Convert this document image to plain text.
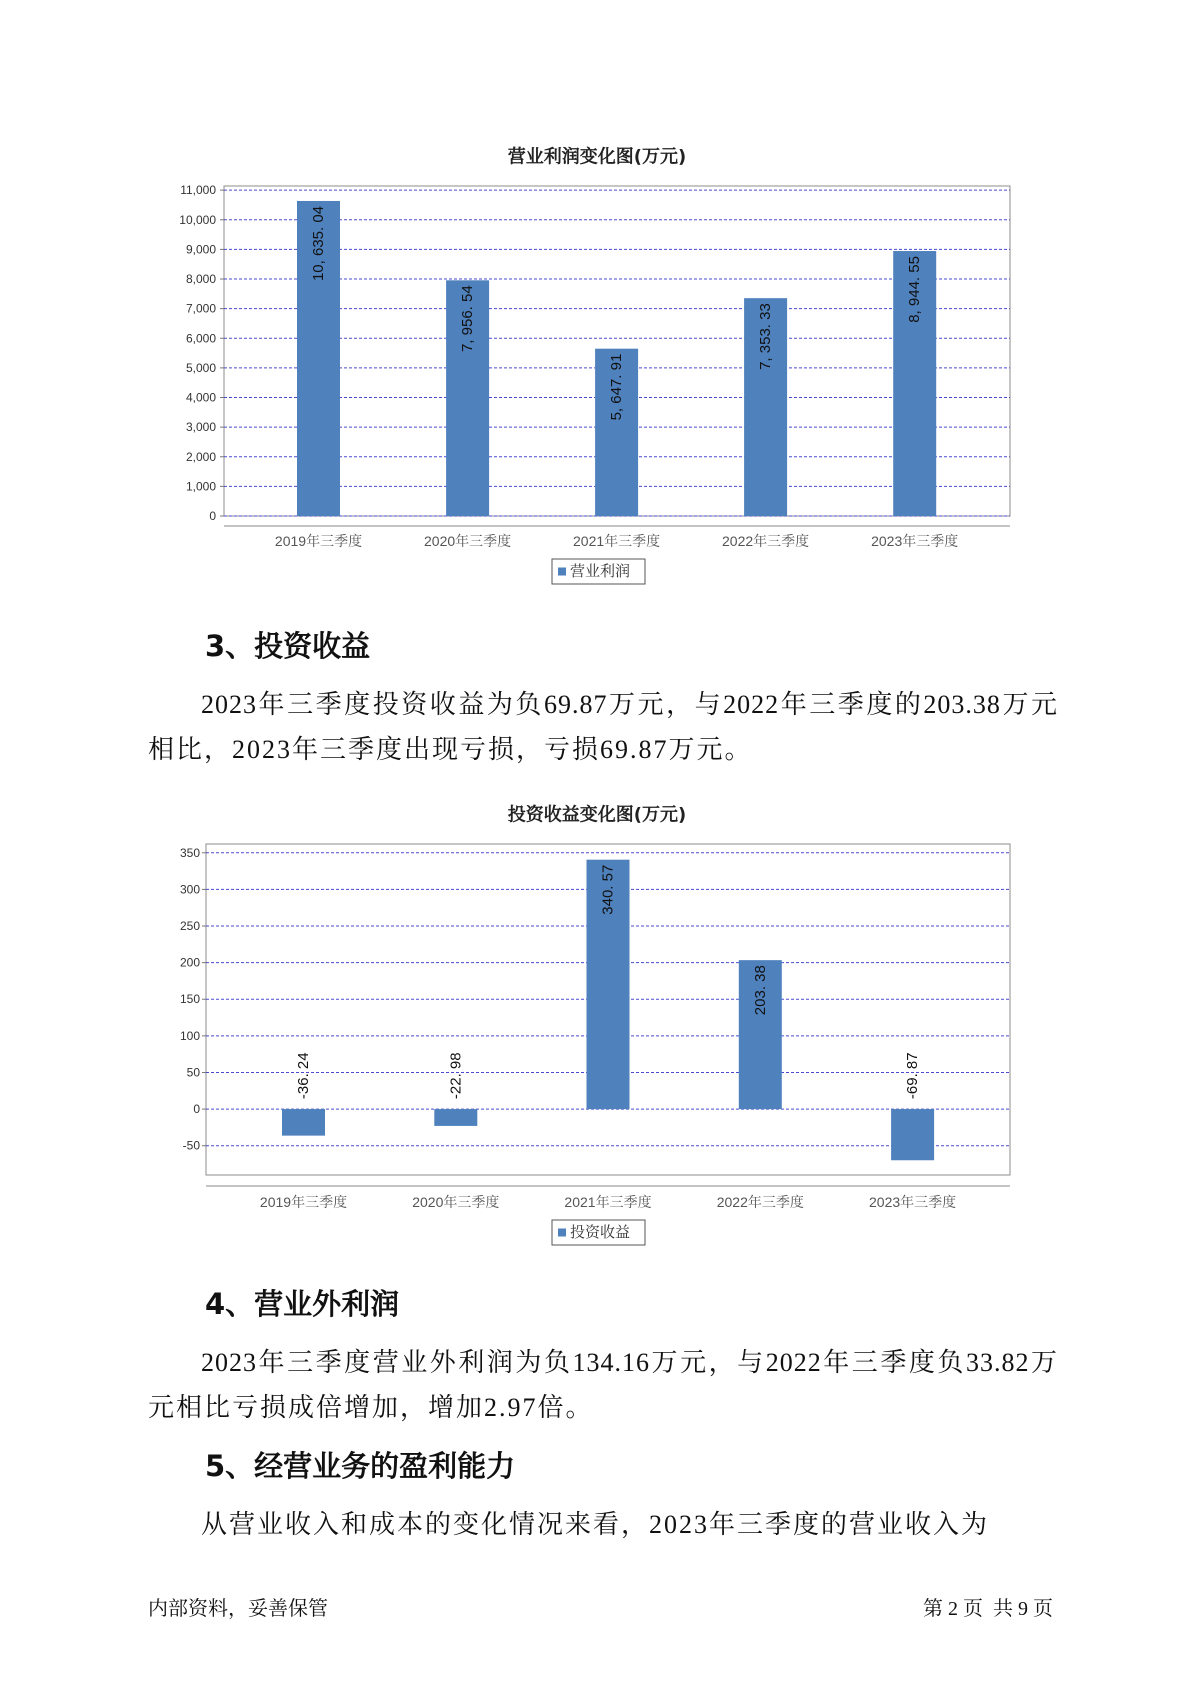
营业利润变化图(万元)
0
1,000
2,000
3,000
4,000
5,000
6,000
7,000
8,000
9,000
10,000
11,000
10, 635. 04
7, 956. 54
5, 647. 91
7, 353. 33
8, 944. 55
2019年三季度	2020年三季度	2021年三季度	2022年三季度	2023年三季度
营业利润
3、投资收益
2023年三季度投资收益为负69.87万元，与2022年三季度的203.38万元
相比，2023年三季度出现亏损，亏损69.87万元。
投资收益变化图(万元)
-50
0
50
100
150
200
250
300
350
-36. 24	-22. 98
340. 57
203. 38
-69. 87
2019年三季度	2020年三季度	2021年三季度	2022年三季度	2023年三季度
投资收益
4、营业外利润
2023年三季度营业外利润为负134.16万元，与2022年三季度负33.82万
元相比亏损成倍增加，增加2.97倍。
5、经营业务的盈利能力
从营业收入和成本的变化情况来看，2023年三季度的营业收入为
内部资料，妥善保管	第 2 页  共 9 页
